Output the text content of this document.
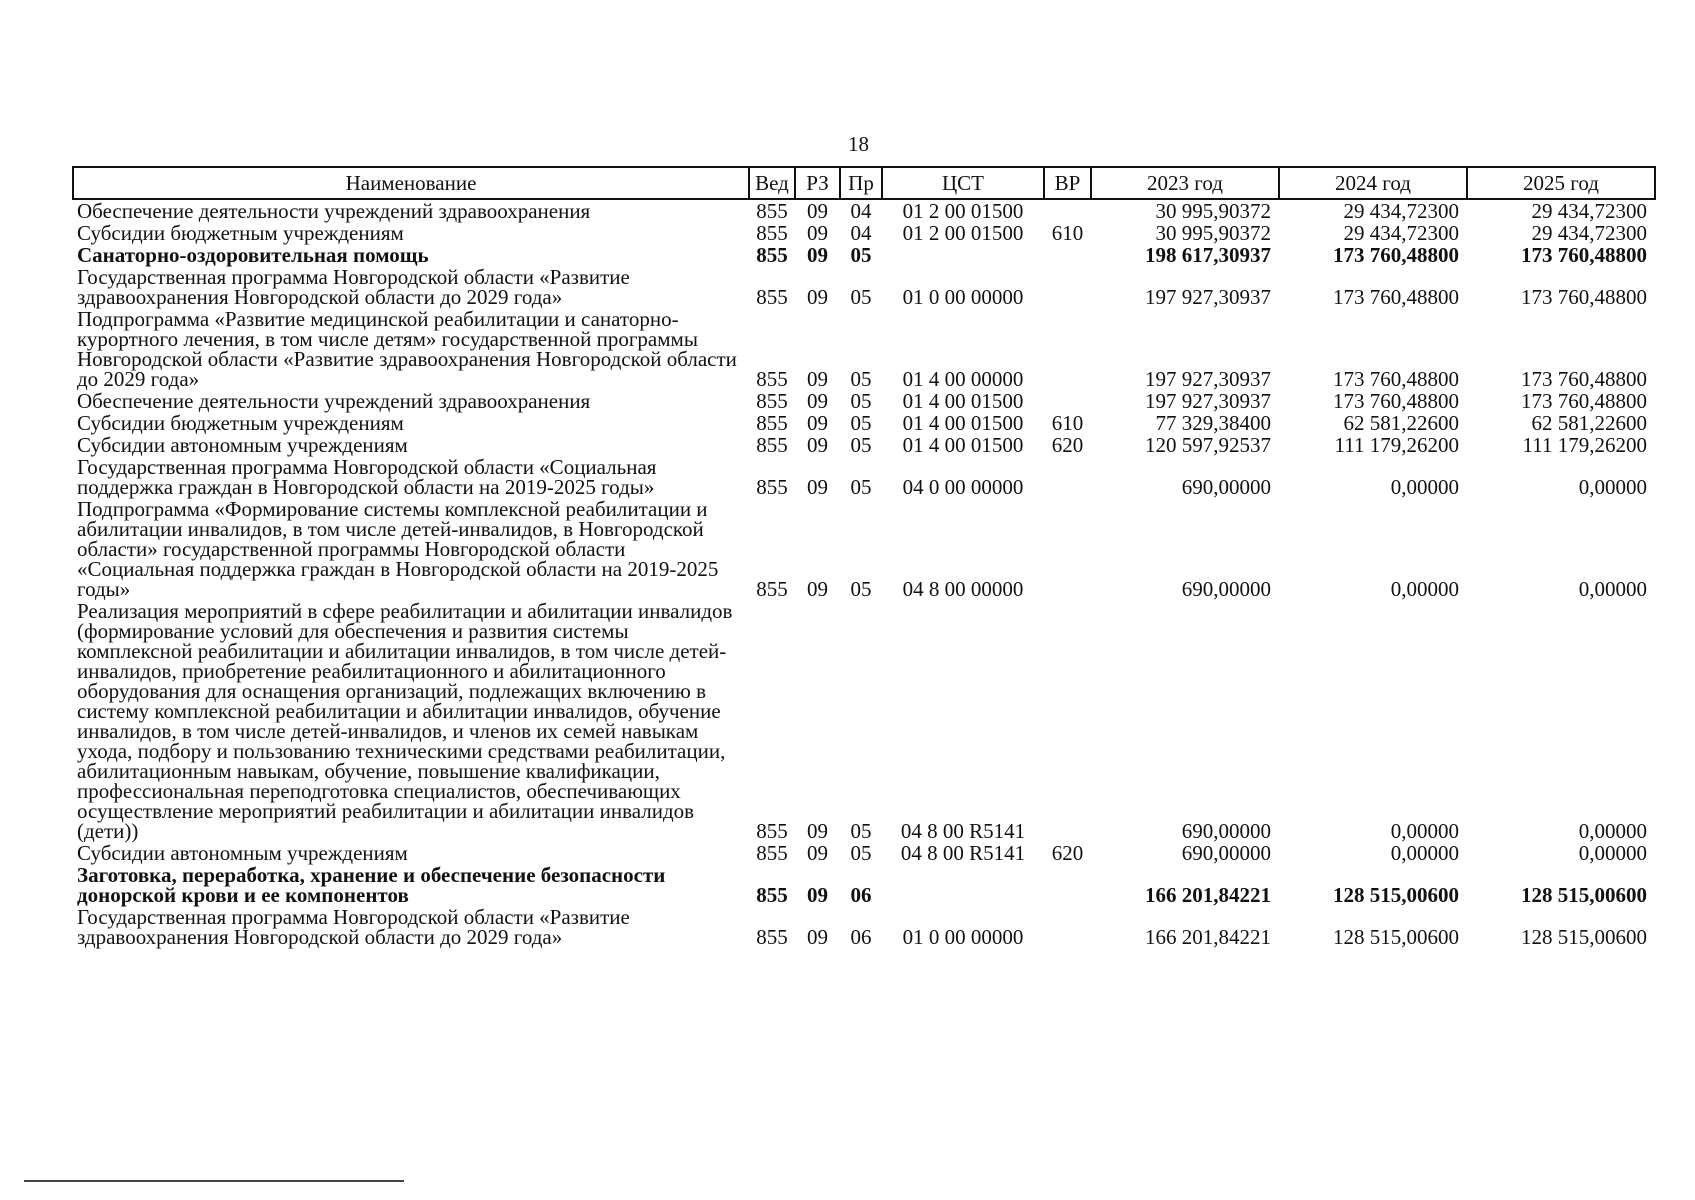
18
Наименование	Вед	РЗ	Пр	ЦСТ	ВР	2023 год	2024 год	2025 год
Обеспечение деятельности учреждений здравоохранения	855	09	04	01 2 00 01500		30 995,90372	29 434,72300	29 434,72300
Субсидии бюджетным учреждениям	855	09	04	01 2 00 01500	610	30 995,90372	29 434,72300	29 434,72300
Санаторно-оздоровительная помощь	855	09	05			198 617,30937	173 760,48800	173 760,48800
Государственная программа Новгородской области «Развитие здравоохранения Новгородской области до 2029 года»	855	09	05	01 0 00 00000		197 927,30937	173 760,48800	173 760,48800
Подпрограмма «Развитие медицинской реабилитации и санаторно-курортного лечения, в том числе детям» государственной программы Новгородской области «Развитие здравоохранения Новгородской области до 2029 года»	855	09	05	01 4 00 00000		197 927,30937	173 760,48800	173 760,48800
Обеспечение деятельности учреждений здравоохранения	855	09	05	01 4 00 01500		197 927,30937	173 760,48800	173 760,48800
Субсидии бюджетным учреждениям	855	09	05	01 4 00 01500	610	77 329,38400	62 581,22600	62 581,22600
Субсидии автономным учреждениям	855	09	05	01 4 00 01500	620	120 597,92537	111 179,26200	111 179,26200
Государственная программа Новгородской области «Социальная поддержка граждан в Новгородской области на 2019-2025 годы»	855	09	05	04 0 00 00000		690,00000	0,00000	0,00000
Подпрограмма «Формирование системы комплексной реабилитации и абилитации инвалидов, в том числе детей-инвалидов, в Новгородской области» государственной программы Новгородской области «Социальная поддержка граждан в Новгородской области на 2019-2025 годы»	855	09	05	04 8 00 00000		690,00000	0,00000	0,00000
Реализация мероприятий в сфере реабилитации и абилитации инвалидов (формирование условий для обеспечения и развития системы комплексной реабилитации и абилитации инвалидов, в том числе детей-инвалидов, приобретение реабилитационного и абилитационного оборудования для оснащения организаций, подлежащих включению в систему комплексной реабилитации и абилитации инвалидов, обучение инвалидов, в том числе детей-инвалидов, и членов их семей навыкам ухода, подбору и пользованию техническими средствами реабилитации, абилитационным навыкам, обучение, повышение квалификации, профессиональная переподготовка специалистов, обеспечивающих осуществление мероприятий реабилитации и абилитации инвалидов (дети))	855	09	05	04 8 00 R5141		690,00000	0,00000	0,00000
Субсидии автономным учреждениям	855	09	05	04 8 00 R5141	620	690,00000	0,00000	0,00000
Заготовка, переработка, хранение и обеспечение безопасности донорской крови и ее компонентов	855	09	06			166 201,84221	128 515,00600	128 515,00600
Государственная программа Новгородской области «Развитие здравоохранения Новгородской области до 2029 года»	855	09	06	01 0 00 00000		166 201,84221	128 515,00600	128 515,00600
